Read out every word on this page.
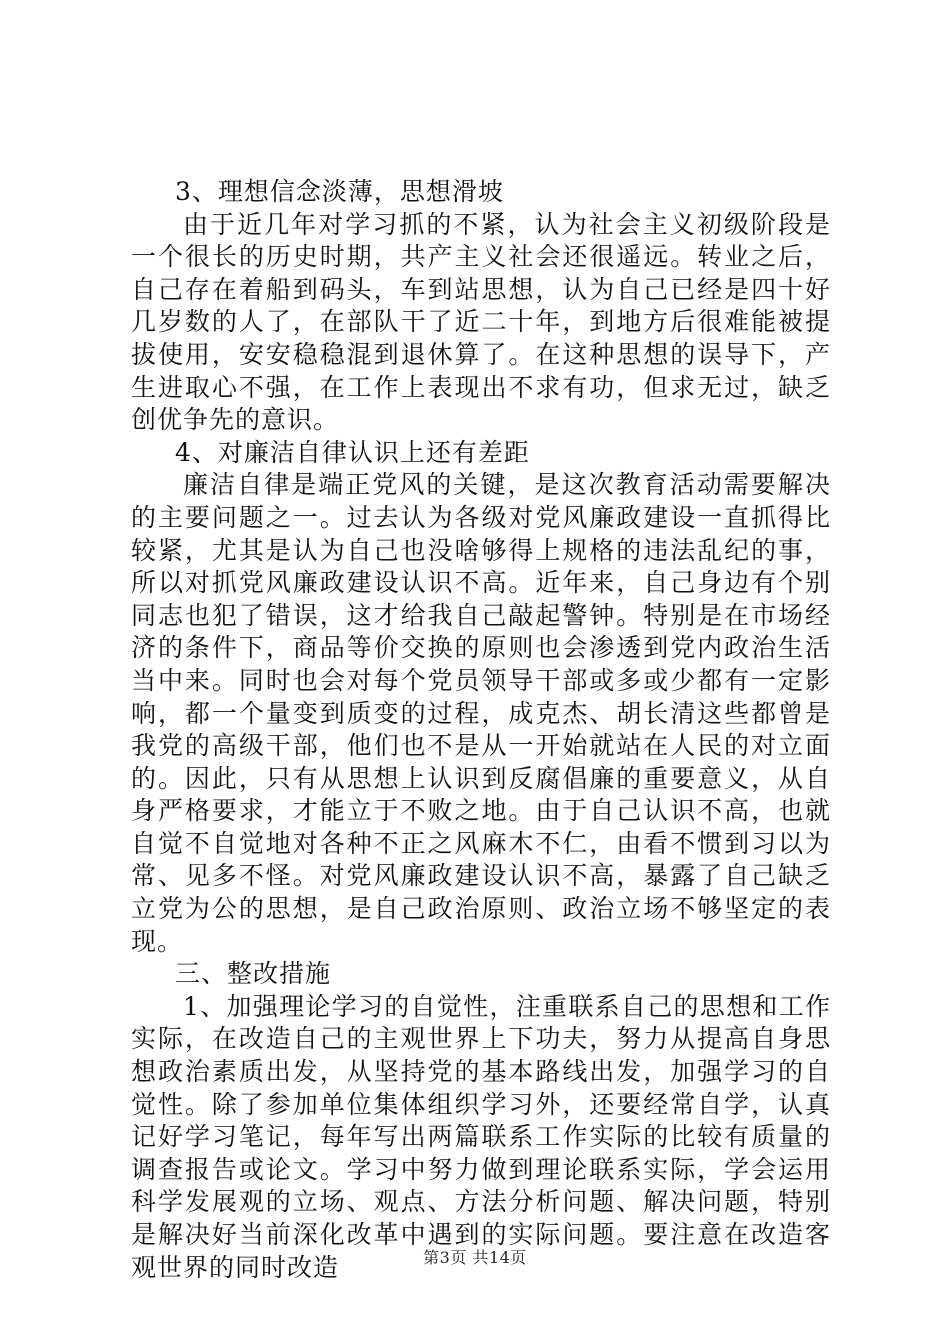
3、理想信念淡薄，思想滑坡

由于近几年对学习抓的不紧，认为社会主义初级阶段是一个很长的历史时期，共产主义社会还很遥远。转业之后，自己存在着船到码头，车到站思想，认为自己已经是四十好几岁数的人了，在部队干了近二十年，到地方后很难能被提拔使用，安安稳稳混到退休算了。在这种思想的误导下，产生进取心不强，在工作上表现出不求有功，但求无过，缺乏创优争先的意识。

4、对廉洁自律认识上还有差距

廉洁自律是端正党风的关键，是这次教育活动需要解决的主要问题之一。过去认为各级对党风廉政建设一直抓得比较紧，尤其是认为自己也没啥够得上规格的违法乱纪的事，所以对抓党风廉政建设认识不高。近年来，自己身边有个别同志也犯了错误，这才给我自己敲起警钟。特别是在市场经济的条件下，商品等价交换的原则也会渗透到党内政治生活当中来。同时也会对每个党员领导干部或多或少都有一定影响，都一个量变到质变的过程，成克杰、胡长清这些都曾是我党的高级干部，他们也不是从一开始就站在人民的对立面的。因此，只有从思想上认识到反腐倡廉的重要意义，从自身严格要求，才能立于不败之地。由于自己认识不高，也就自觉不自觉地对各种不正之风麻木不仁，由看不惯到习以为常、见多不怪。对党风廉政建设认识不高，暴露了自己缺乏立党为公的思想，是自己政治原则、政治立场不够坚定的表现。

三、整改措施

1、加强理论学习的自觉性，注重联系自己的思想和工作实际，在改造自己的主观世界上下功夫，努力从提高自身思想政治素质出发，从坚持党的基本路线出发，加强学习的自觉性。除了参加单位集体组织学习外，还要经常自学，认真记好学习笔记，每年写出两篇联系工作实际的比较有质量的调查报告或论文。学习中努力做到理论联系实际，学会运用科学发展观的立场、观点、方法分析问题、解决问题，特别是解决好当前深化改革中遇到的实际问题。要注意在改造客观世界的同时改造	第3页 共14页
